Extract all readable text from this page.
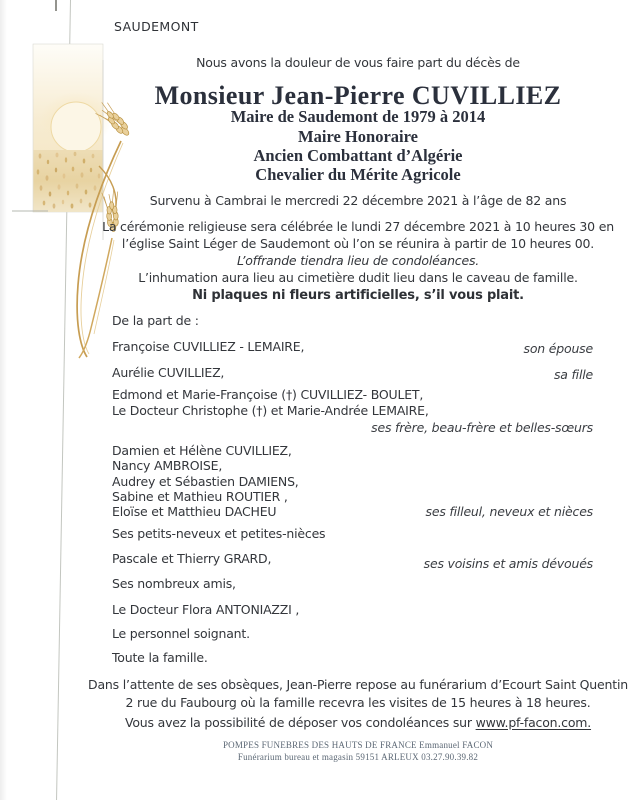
SAUDEMONT
Nous avons la douleur de vous faire part du décès de
Monsieur Jean-Pierre CUVILLIEZ
Maire de Saudemont de 1979 à 2014
Maire Honoraire
Ancien Combattant d’Algérie
Chevalier du Mérite Agricole
Survenu à Cambrai le mercredi 22 décembre 2021 à l’âge de 82 ans
La cérémonie religieuse sera célébrée le lundi 27 décembre 2021 à 10 heures 30 en
l’église Saint Léger de Saudemont où l’on se réunira à partir de 10 heures 00.
L’offrande tiendra lieu de condoléances.
L’inhumation aura lieu au cimetière dudit lieu dans le caveau de famille.
Ni plaques ni fleurs artificielles, s’il vous plait.
De la part de :
Françoise CUVILLIEZ - LEMAIRE,	son épouse
Aurélie CUVILLIEZ,	sa fille
Edmond et Marie-Françoise (†) CUVILLIEZ- BOULET,
Le Docteur Christophe (†) et Marie-Andrée LEMAIRE,
ses frère, beau-frère et belles-sœurs
Damien et Hélène CUVILLIEZ,
Nancy AMBROISE,
Audrey et Sébastien DAMIENS,
Sabine et Mathieu ROUTIER ,
Eloïse et Matthieu DACHEU	ses filleul, neveux et nièces
Ses petits-neveux et petites-nièces
Pascale et Thierry GRARD,	ses voisins et amis dévoués
Ses nombreux amis,
Le Docteur Flora ANTONIAZZI ,
Le personnel soignant.
Toute la famille.
Dans l’attente de ses obsèques, Jean-Pierre repose au funérarium d’Ecourt Saint Quentin
2 rue du Faubourg où la famille recevra les visites de 15 heures à 18 heures.
Vous avez la possibilité de déposer vos condoléances sur www.pf-facon.com.
POMPES FUNEBRES DES HAUTS DE FRANCE Emmanuel FACON
Funérarium bureau et magasin 59151 ARLEUX 03.27.90.39.82
